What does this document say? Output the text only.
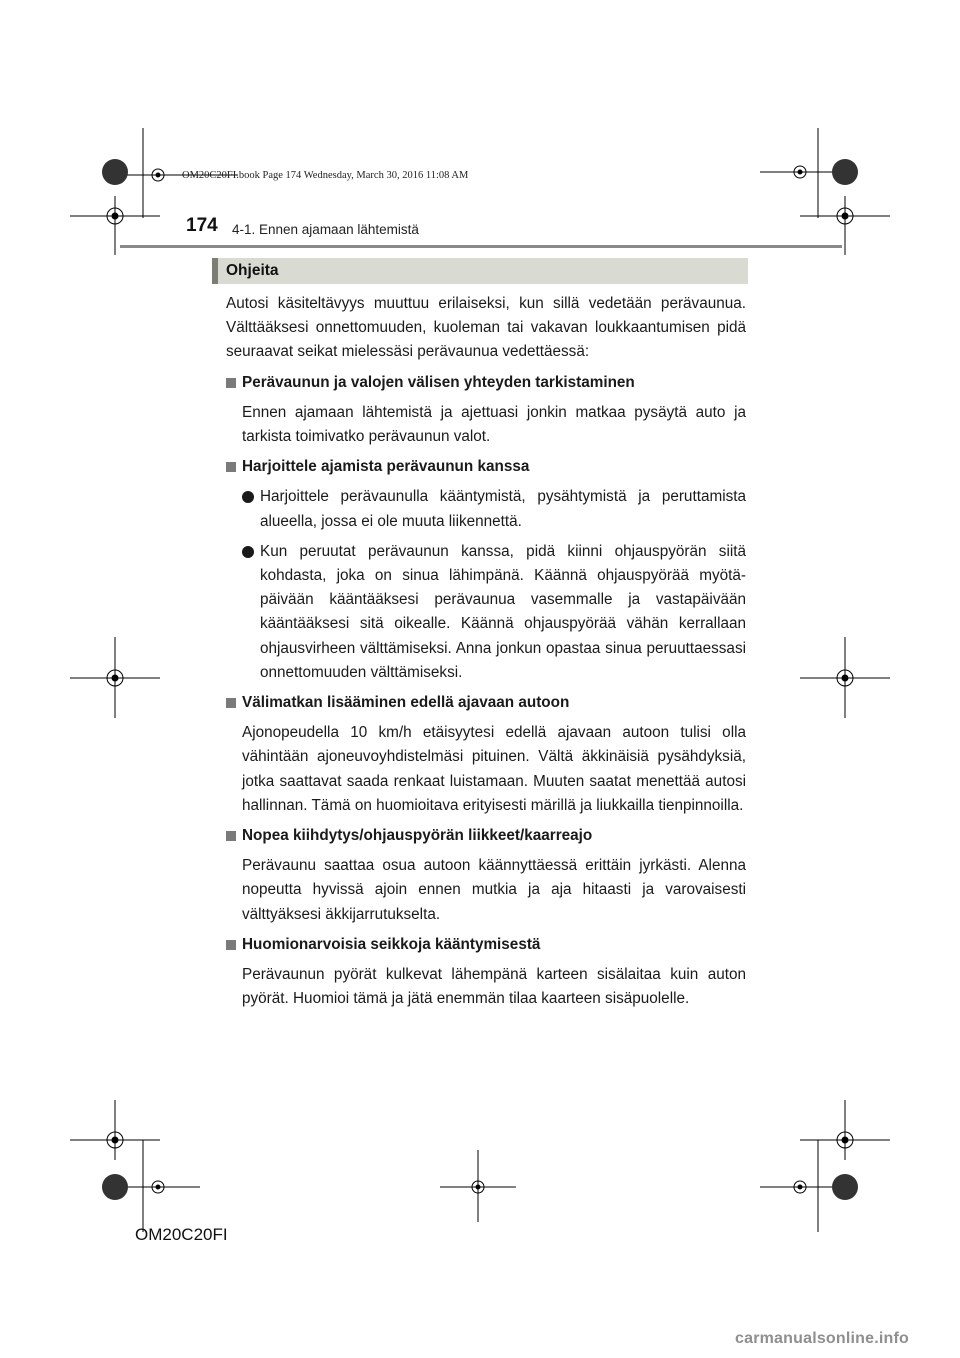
OM20C20FI.book Page 174 Wednesday, March 30, 2016 11:08 AM
174 4-1. Ennen ajamaan lähtemistä
Ohjeita

Autosi käsiteltävyys muuttuu erilaiseksi, kun sillä vedetään perävaunua. Välttääksesi onnettomuuden, kuoleman tai vakavan loukkaantumisen pidä seuraavat seikat mielessäsi perävaunua vedettäessä:

Perävaunun ja valojen välisen yhteyden tarkistaminen

Ennen ajamaan lähtemistä ja ajettuasi jonkin matkaa pysäytä auto ja tarkista toimivatko perävaunun valot.

Harjoittele ajamista perävaunun kanssa
Harjoittele perävaunulla kääntymistä, pysähtymistä ja peruttamista alueella, jossa ei ole muuta liikennettä.
Kun peruutat perävaunun kanssa, pidä kiinni ohjauspyörän siitä kohdasta, joka on sinua lähimpänä. Käännä ohjauspyörää myötäpäivään kääntääksesi perävaunua vasemmalle ja vastapäivään kääntääksesi sitä oikealle. Käännä ohjauspyörää vähän kerrallaan ohjausvirheen välttämiseksi. Anna jonkun opastaa sinua peruuttaessasi onnettomuuden välttämiseksi.
Välimatkan lisääminen edellä ajavaan autoon

Ajonopeudella 10 km/h etäisyytesi edellä ajavaan autoon tulisi olla vähintään ajoneuvoyhdistelmäsi pituinen. Vältä äkkinäisiä pysähdyksiä, jotka saattavat saada renkaat luistamaan. Muuten saatat menettää autosi hallinnan. Tämä on huomioitava erityisesti märillä ja liukkailla tienpinnoilla.

Nopea kiihdytys/ohjauspyörän liikkeet/kaarreajo

Perävaunu saattaa osua autoon käännyttäessä erittäin jyrkästi. Alenna nopeutta hyvissä ajoin ennen mutkia ja aja hitaasti ja varovaisesti välttyäksesi äkkijarrutukselta.

Huomionarvoisia seikkoja kääntymisestä

Perävaunun pyörät kulkevat lähempänä karteen sisälaitaa kuin auton pyörät. Huomioi tämä ja jätä enemmän tilaa kaarteen sisäpuolelle.

OM20C20FI
carmanualsonline.info
